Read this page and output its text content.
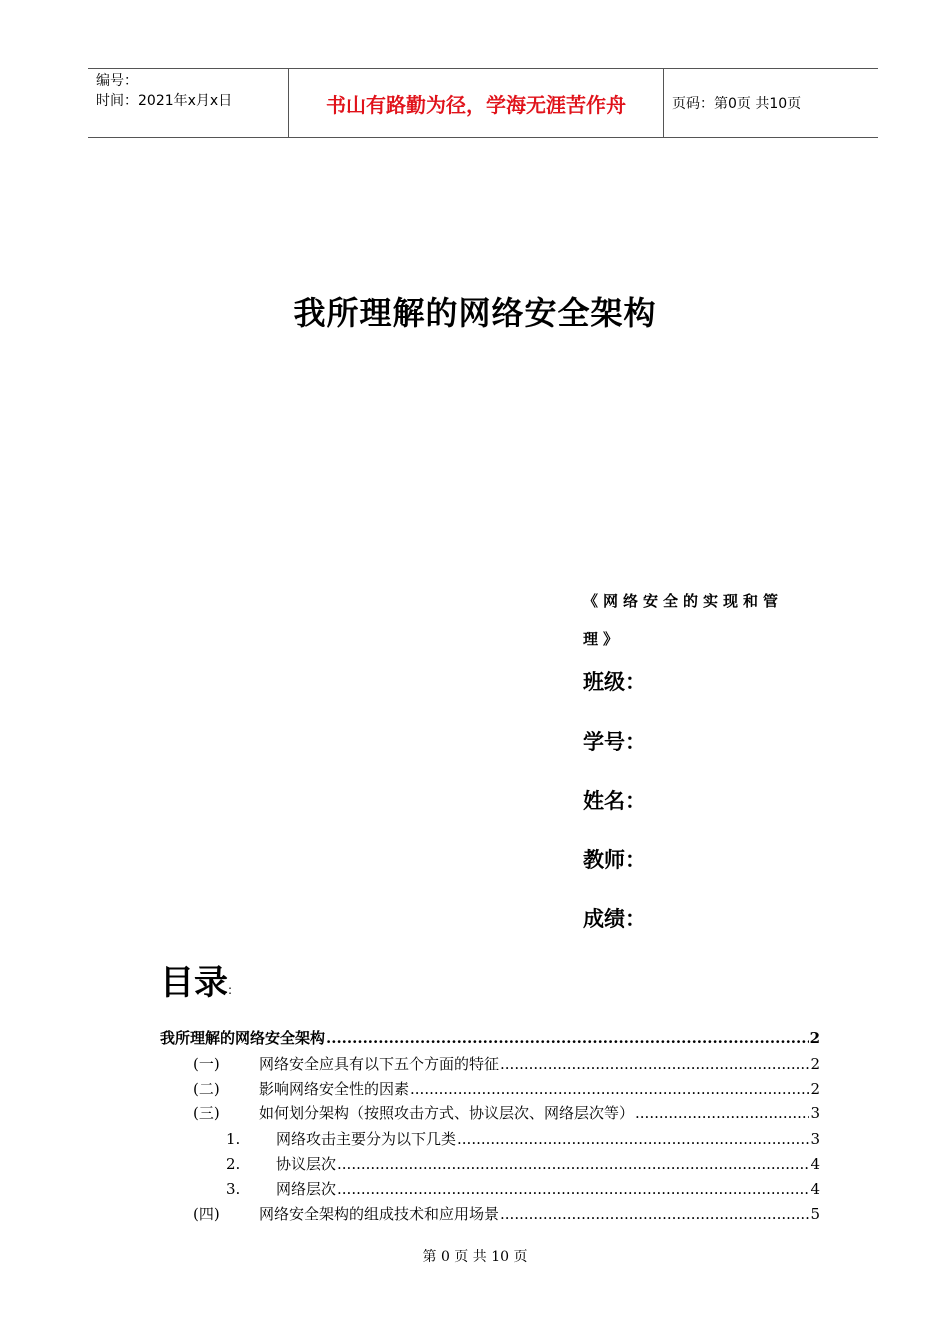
编号：
时间：2021年x月x日	书山有路勤为径，学海无涯苦作舟	页码：第0页 共10页
我所理解的网络安全架构
《网络安全的实现和管理》
班级：
学号：
姓名：
教师：
成绩：
目录:
我所理解的网络安全架构 .....	2
(一)	网络安全应具有以下五个方面的特征 .....	2
(二)	影响网络安全性的因素 .....	2
(三)	如何划分架构（按照攻击方式、协议层次、网络层次等） .....	3
1.	网络攻击主要分为以下几类 .....	3
2.	协议层次 .....	4
3.	网络层次 .....	4
(四)	网络安全架构的组成技术和应用场景 .....	5
第 0 页 共 10 页
